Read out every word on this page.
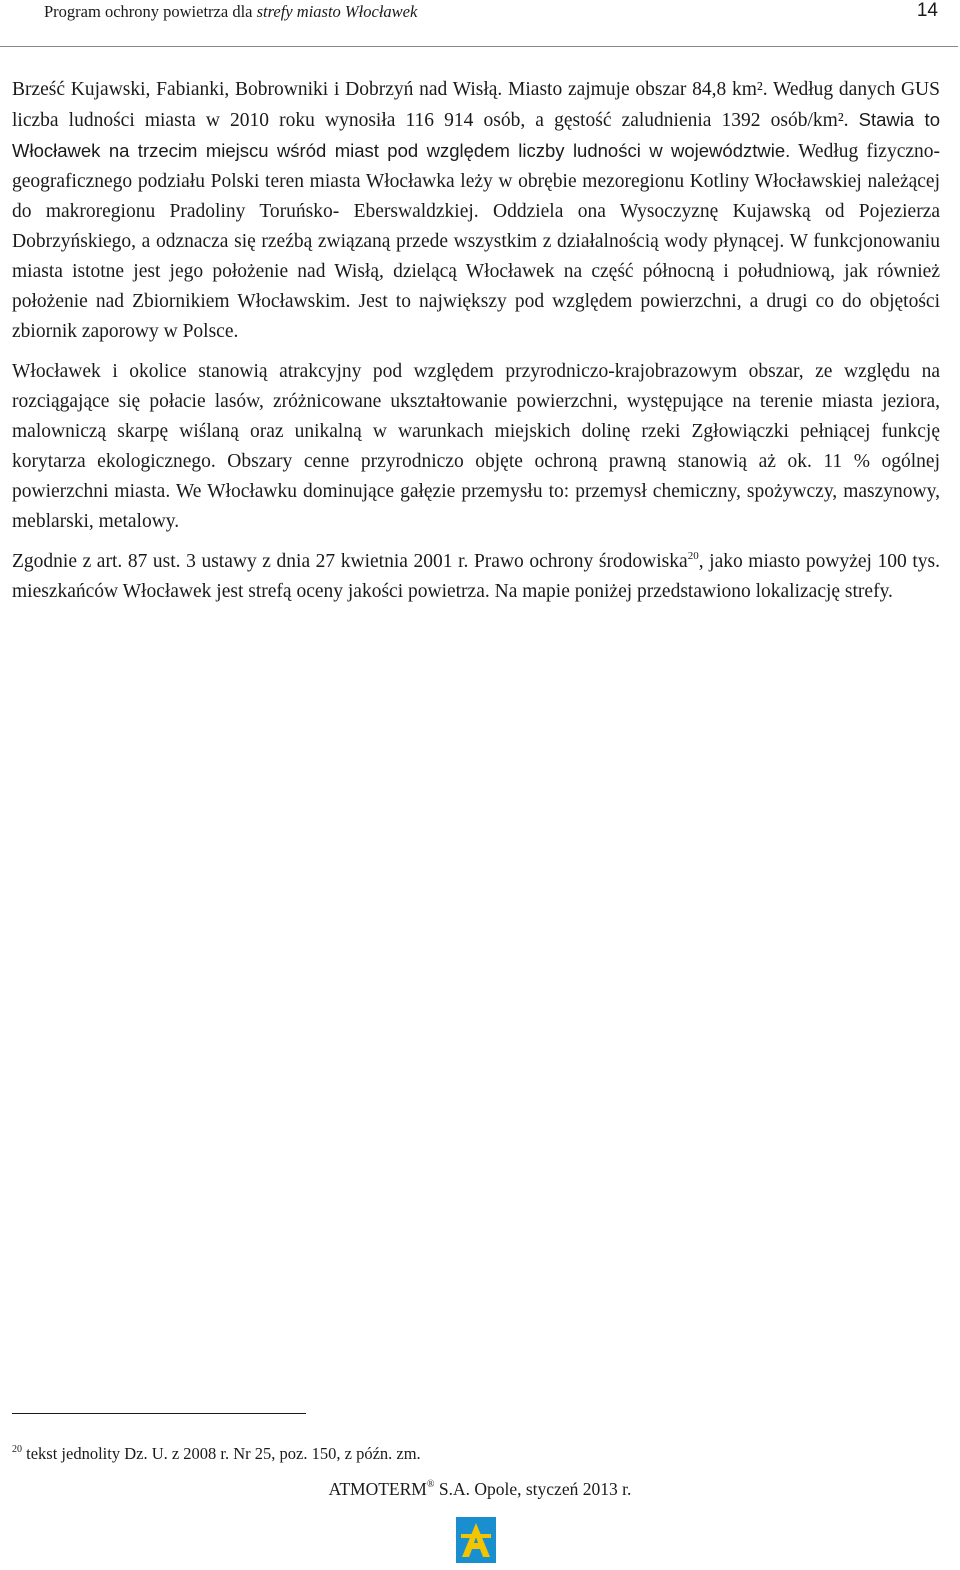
Program ochrony powietrza dla strefy miasto Włocławek	14

Brześć Kujawski, Fabianki, Bobrowniki i Dobrzyń nad Wisłą. Miasto zajmuje obszar 84,8 km². Według danych GUS liczba ludności miasta w 2010 roku wynosiła 116 914 osób, a gęstość zaludnienia 1392 osób/km². Stawia to Włocławek na trzecim miejscu wśród miast pod względem liczby ludności w województwie. Według fizyczno-geograficznego podziału Polski teren miasta Włocławka leży w obrębie mezoregionu Kotliny Włocławskiej należącej do makroregionu Pradoliny Toruńsko- Eberswaldzkiej. Oddziela ona Wysoczyznę Kujawską od Pojezierza Dobrzyńskiego, a odznacza się rzeźbą związaną przede wszystkim z działalnością wody płynącej. W funkcjonowaniu miasta istotne jest jego położenie nad Wisłą, dzielącą Włocławek na część północną i południową, jak również położenie nad Zbiornikiem Włocławskim. Jest to największy pod względem powierzchni, a drugi co do objętości zbiornik zaporowy w Polsce.

Włocławek i okolice stanowią atrakcyjny pod względem przyrodniczo-krajobrazowym obszar, ze względu na rozciągające się połacie lasów, zróżnicowane ukształtowanie powierzchni, występujące na terenie miasta jeziora, malowniczą skarpę wiślaną oraz unikalną w warunkach miejskich dolinę rzeki Zgłowiączki pełniącej funkcję korytarza ekologicznego. Obszary cenne przyrodniczo objęte ochroną prawną stanowią aż ok. 11 % ogólnej powierzchni miasta. We Włocławku dominujące gałęzie przemysłu to: przemysł chemiczny, spożywczy, maszynowy, meblarski, metalowy.

Zgodnie z art. 87 ust. 3 ustawy z dnia 27 kwietnia 2001 r. Prawo ochrony środowiska$^{20}$, jako miasto powyżej 100 tys. mieszkańców Włocławek jest strefą oceny jakości powietrza. Na mapie poniżej przedstawiono lokalizację strefy.

$^{20}$ tekst jednolity Dz. U. z 2008 r. Nr 25, poz. 150, z późn. zm.
ATMOTERM® S.A. Opole, styczeń 2013 r.
